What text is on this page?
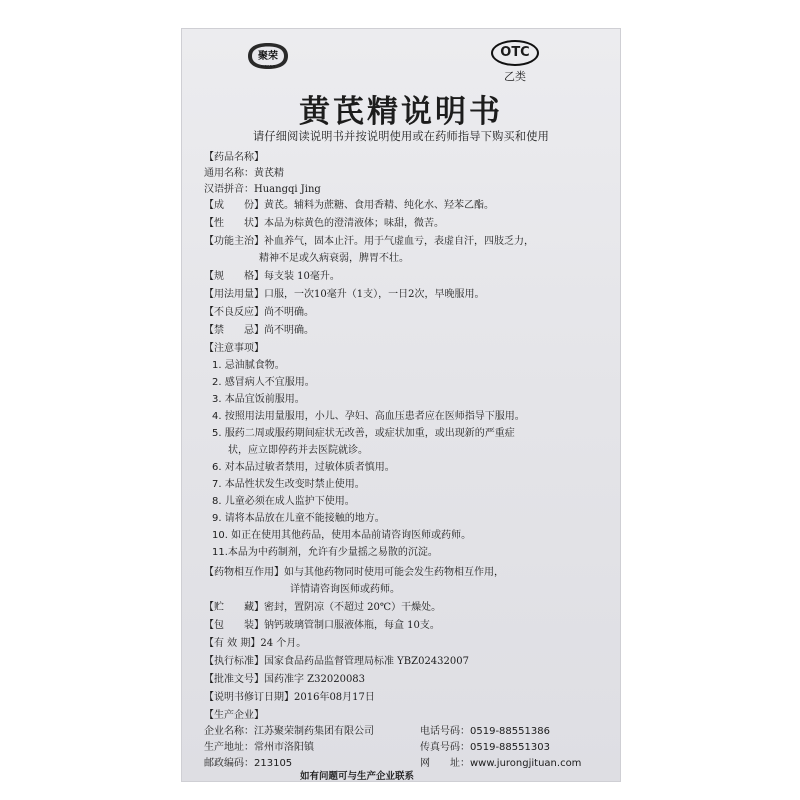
聚荣
JURONG
OTC
乙类
黄芪精说明书
请仔细阅读说明书并按说明使用或在药师指导下购买和使用
【药品名称】
通用名称：黄芪精
汉语拼音：Huangqi Jing
【成　　份】黄芪。辅料为蔗糖、食用香精、纯化水、羟苯乙酯。
【性　　状】本品为棕黄色的澄清液体；味甜，微苦。
【功能主治】补血养气，固本止汗。用于气虚血亏，表虚自汗，四肢乏力，
精神不足或久病衰弱，脾胃不壮。
【规　　格】每支装 10毫升。
【用法用量】口服，一次10毫升（1支），一日2次，早晚服用。
【不良反应】尚不明确。
【禁　　忌】尚不明确。
【注意事项】
1. 忌油腻食物。
2. 感冒病人不宜服用。
3. 本品宜饭前服用。
4. 按照用法用量服用，小儿、孕妇、高血压患者应在医师指导下服用。
5. 服药二周或服药期间症状无改善，或症状加重，或出现新的严重症
状，应立即停药并去医院就诊。
6. 对本品过敏者禁用，过敏体质者慎用。
7. 本品性状发生改变时禁止使用。
8. 儿童必须在成人监护下使用。
9. 请将本品放在儿童不能接触的地方。
10. 如正在使用其他药品，使用本品前请咨询医师或药师。
11.本品为中药制剂，允许有少量摇之易散的沉淀。
【药物相互作用】如与其他药物同时使用可能会发生药物相互作用，
详情请咨询医师或药师。
【贮　　藏】密封，置阴凉（不超过 20℃）干燥处。
【包　　装】钠钙玻璃管制口服液体瓶，每盒 10支。
【有 效 期】24 个月。
【执行标准】国家食品药品监督管理局标准 YBZ02432007
【批准文号】国药准字 Z32020083
【说明书修订日期】2016年08月17日
【生产企业】
企业名称：江苏聚荣制药集团有限公司
生产地址：常州市洛阳镇
邮政编码：213105
电话号码：0519-88551386
传真号码：0519-88551303
网　　址：www.jurongjituan.com
如有问题可与生产企业联系
